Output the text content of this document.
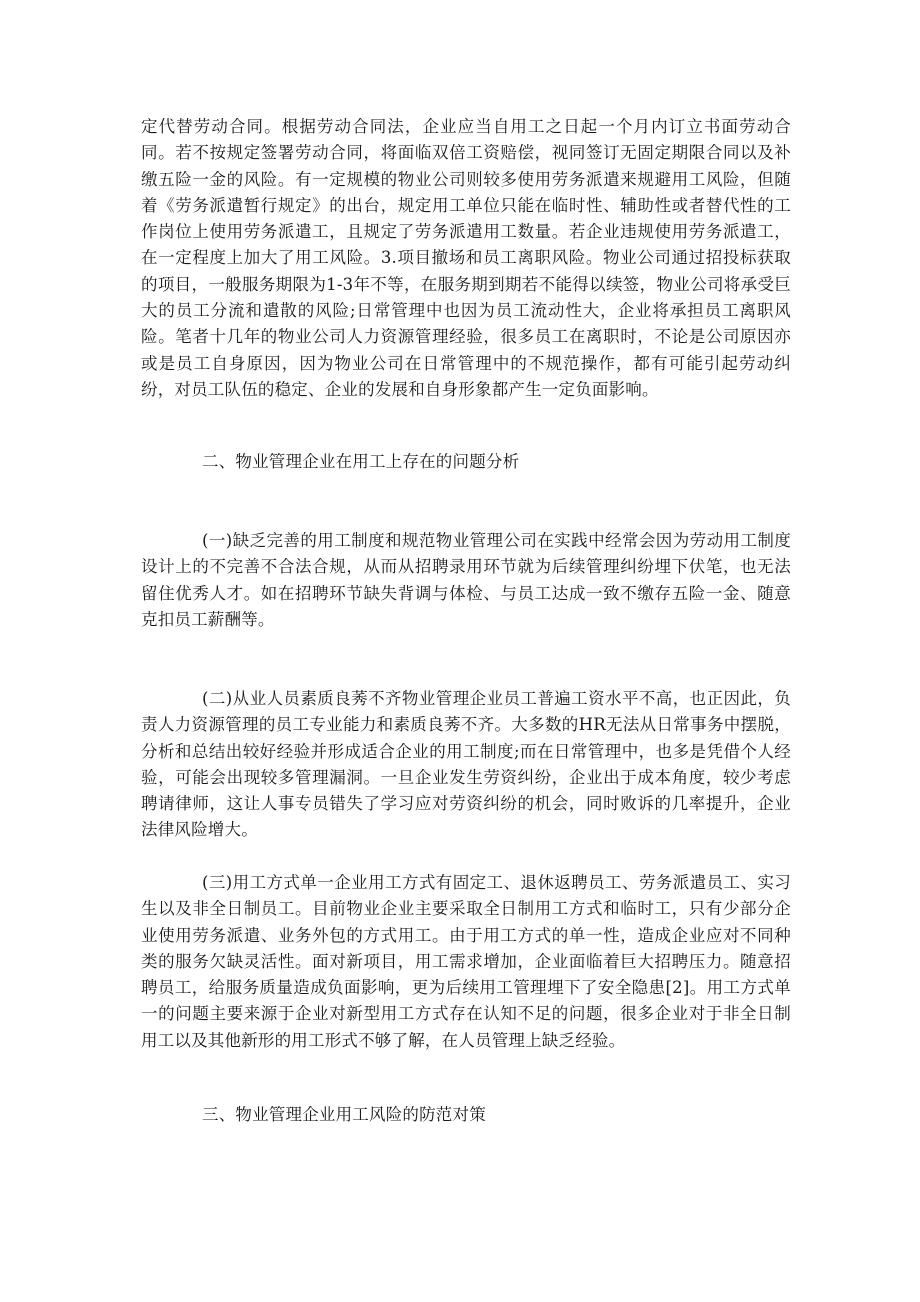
定代替劳动合同。根据劳动合同法，企业应当自用工之日起一个月内订立书面劳动合同。若不按规定签署劳动合同，将面临双倍工资赔偿，视同签订无固定期限合同以及补缴五险一金的风险。有一定规模的物业公司则较多使用劳务派遣来规避用工风险，但随着《劳务派遣暂行规定》的出台，规定用工单位只能在临时性、辅助性或者替代性的工作岗位上使用劳务派遣工，且规定了劳务派遣用工数量。若企业违规使用劳务派遣工，在一定程度上加大了用工风险。3.项目撤场和员工离职风险。物业公司通过招投标获取的项目，一般服务期限为1-3年不等，在服务期到期若不能得以续签，物业公司将承受巨大的员工分流和遣散的风险;日常管理中也因为员工流动性大，企业将承担员工离职风险。笔者十几年的物业公司人力资源管理经验，很多员工在离职时，不论是公司原因亦或是员工自身原因，因为物业公司在日常管理中的不规范操作，都有可能引起劳动纠纷，对员工队伍的稳定、企业的发展和自身形象都产生一定负面影响。

二、物业管理企业在用工上存在的问题分析

(一)缺乏完善的用工制度和规范物业管理公司在实践中经常会因为劳动用工制度设计上的不完善不合法合规，从而从招聘录用环节就为后续管理纠纷埋下伏笔，也无法留住优秀人才。如在招聘环节缺失背调与体检、与员工达成一致不缴存五险一金、随意克扣员工薪酬等。

(二)从业人员素质良莠不齐物业管理企业员工普遍工资水平不高，也正因此，负责人力资源管理的员工专业能力和素质良莠不齐。大多数的HR无法从日常事务中摆脱，分析和总结出较好经验并形成适合企业的用工制度;而在日常管理中，也多是凭借个人经验，可能会出现较多管理漏洞。一旦企业发生劳资纠纷，企业出于成本角度，较少考虑聘请律师，这让人事专员错失了学习应对劳资纠纷的机会，同时败诉的几率提升，企业法律风险增大。

(三)用工方式单一企业用工方式有固定工、退休返聘员工、劳务派遣员工、实习生以及非全日制员工。目前物业企业主要采取全日制用工方式和临时工，只有少部分企业使用劳务派遣、业务外包的方式用工。由于用工方式的单一性，造成企业应对不同种类的服务欠缺灵活性。面对新项目，用工需求增加，企业面临着巨大招聘压力。随意招聘员工，给服务质量造成负面影响，更为后续用工管理埋下了安全隐患[2]。用工方式单一的问题主要来源于企业对新型用工方式存在认知不足的问题，很多企业对于非全日制用工以及其他新形的用工形式不够了解，在人员管理上缺乏经验。

三、物业管理企业用工风险的防范对策
